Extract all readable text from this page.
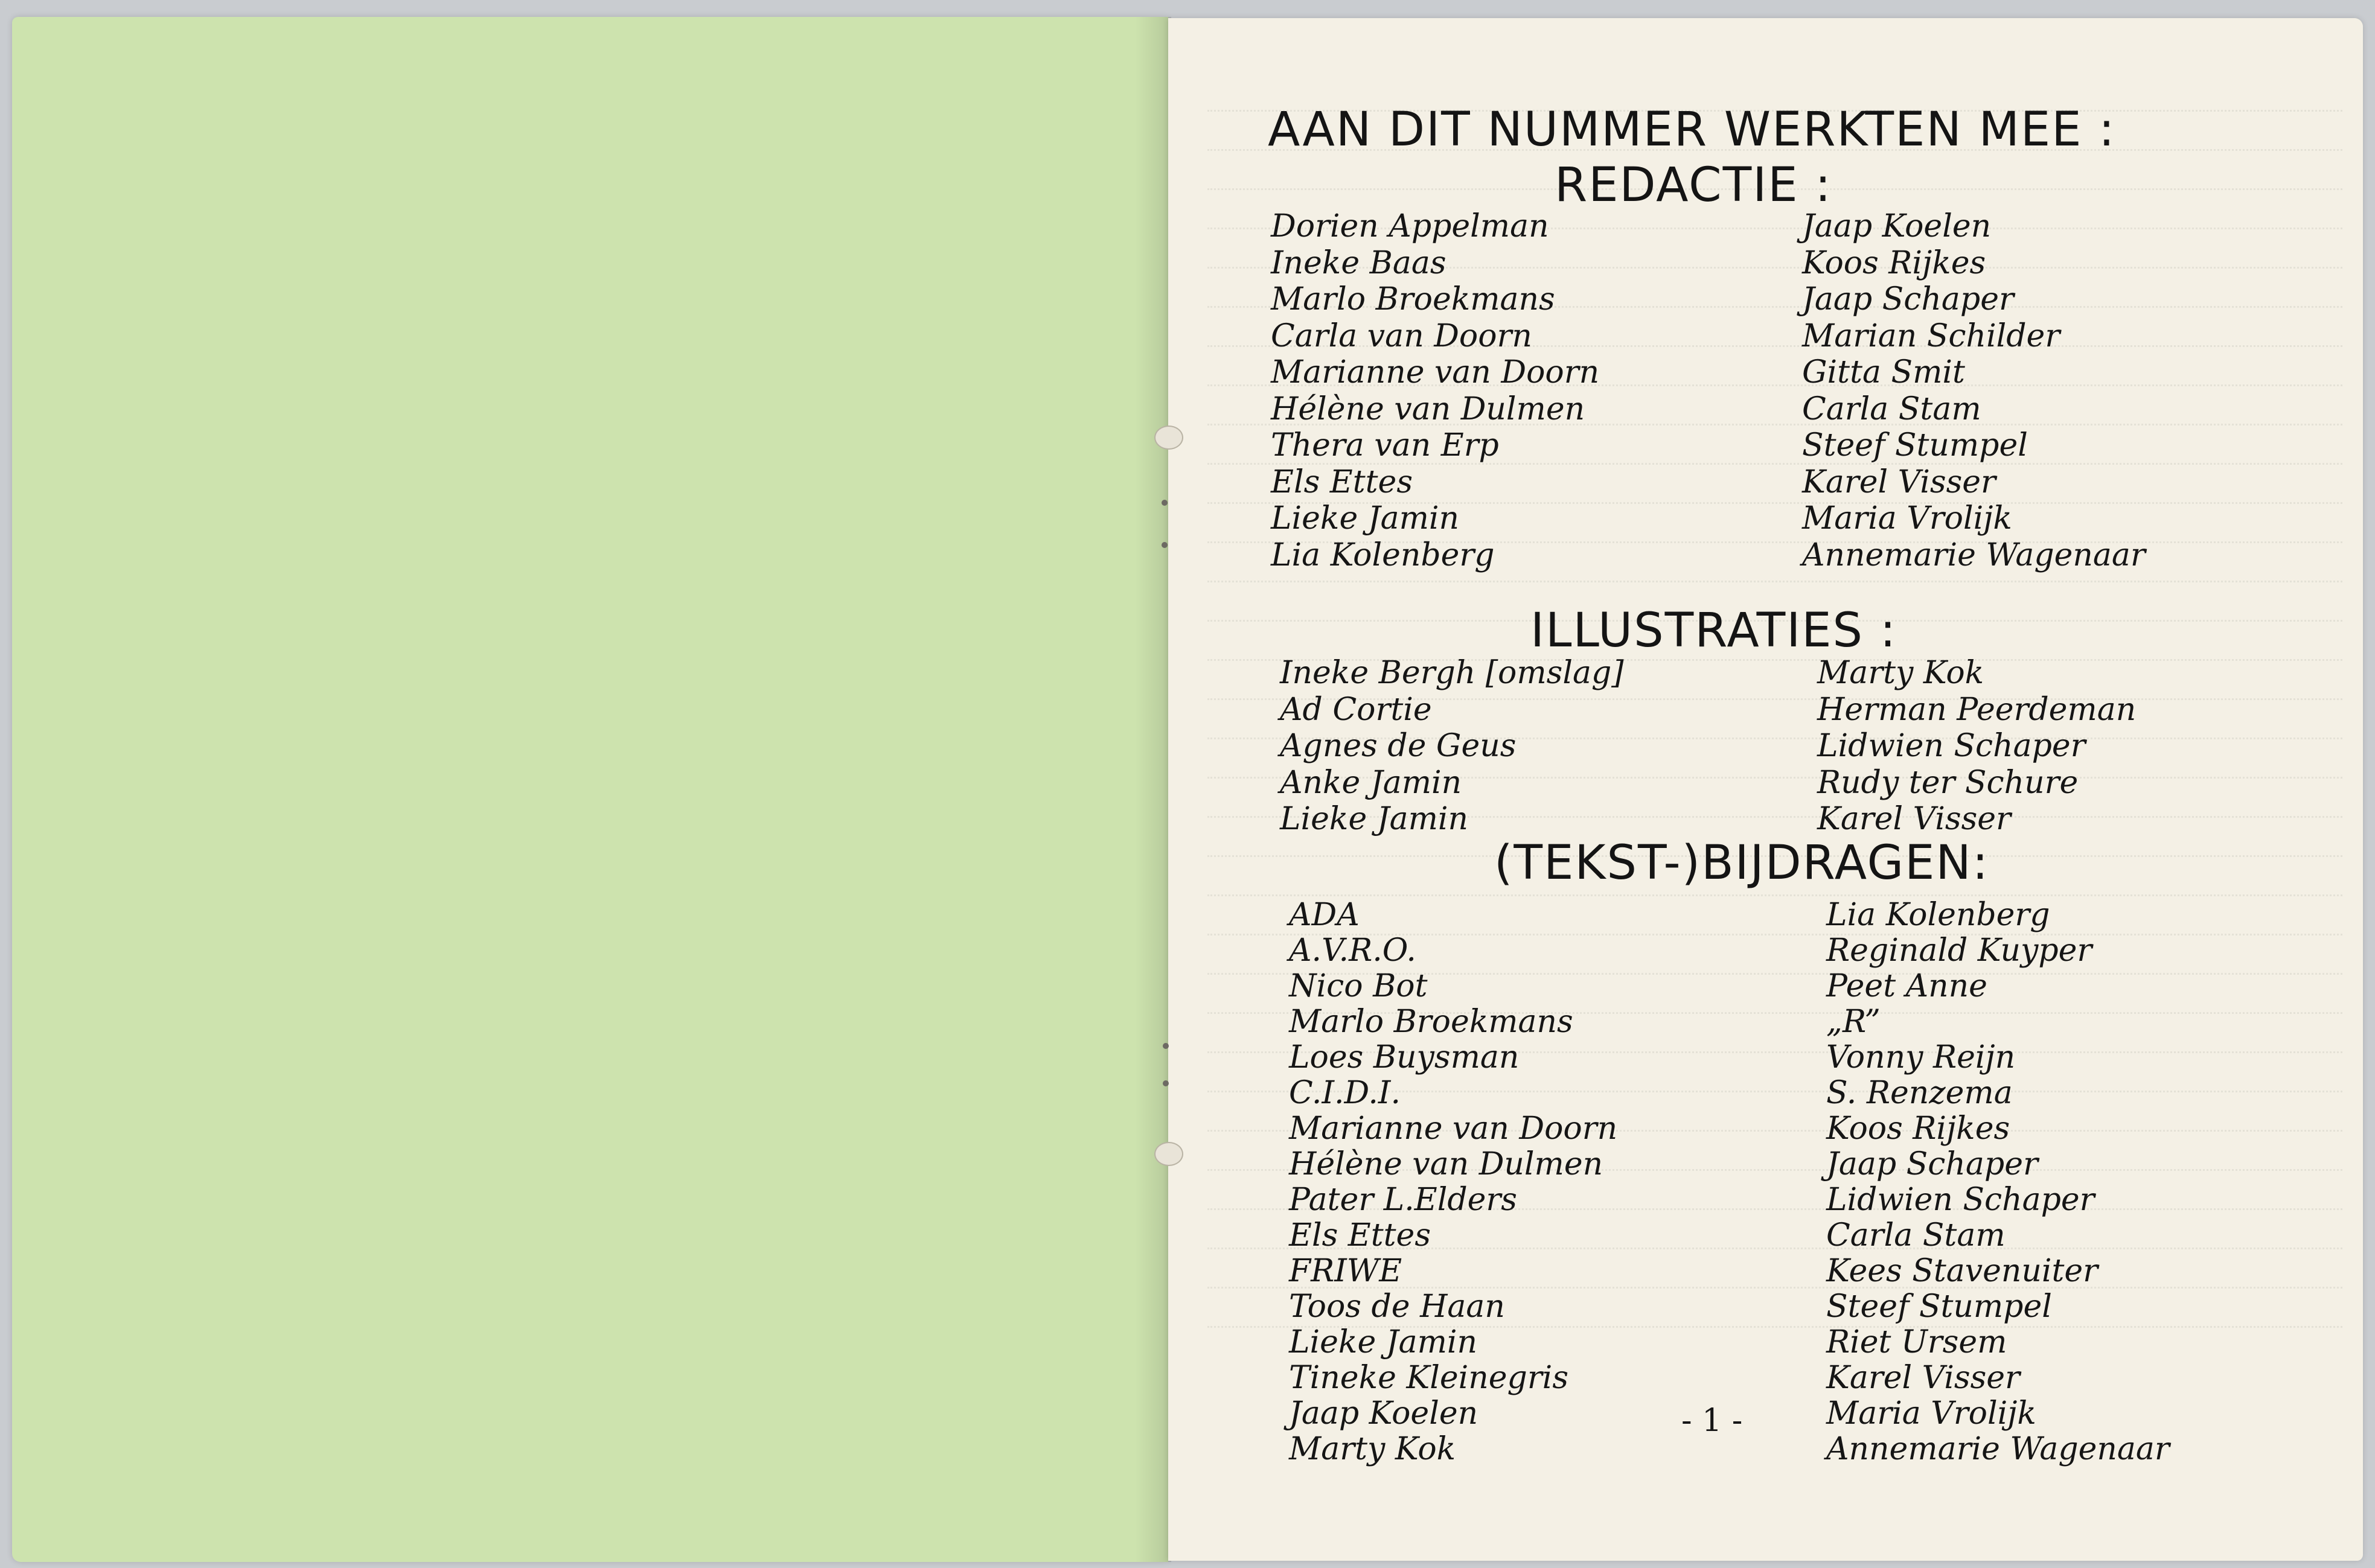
AAN DIT NUMMER WERKTEN MEE :
REDACTIE :
Dorien Appelman
Ineke Baas
Marlo Broekmans
Carla van Doorn
Marianne van Doorn
Hélène van Dulmen
Thera van Erp
Els Ettes
Lieke Jamin
Lia Kolenberg
Jaap Koelen
Koos Rijkes
Jaap Schaper
Marian Schilder
Gitta Smit
Carla Stam
Steef Stumpel
Karel Visser
Maria Vrolijk
Annemarie Wagenaar
ILLUSTRATIES :
Ineke Bergh [omslag]
Ad Cortie
Agnes de Geus
Anke Jamin
Lieke Jamin
Marty Kok
Herman Peerdeman
Lidwien Schaper
Rudy ter Schure
Karel Visser
(TEKST-)BIJDRAGEN:
ADA
A.V.R.O.
Nico Bot
Marlo Broekmans
Loes Buysman
C.I.D.I.
Marianne van Doorn
Hélène van Dulmen
Pater L.Elders
Els Ettes
FRIWE
Toos de Haan
Lieke Jamin
Tineke Kleinegris
Jaap Koelen
Marty Kok
Lia Kolenberg
Reginald Kuyper
Peet Anne
„R”
Vonny Reijn
S. Renzema
Koos Rijkes
Jaap Schaper
Lidwien Schaper
Carla Stam
Kees Stavenuiter
Steef Stumpel
Riet Ursem
Karel Visser
Maria Vrolijk
Annemarie Wagenaar
- 1 -
